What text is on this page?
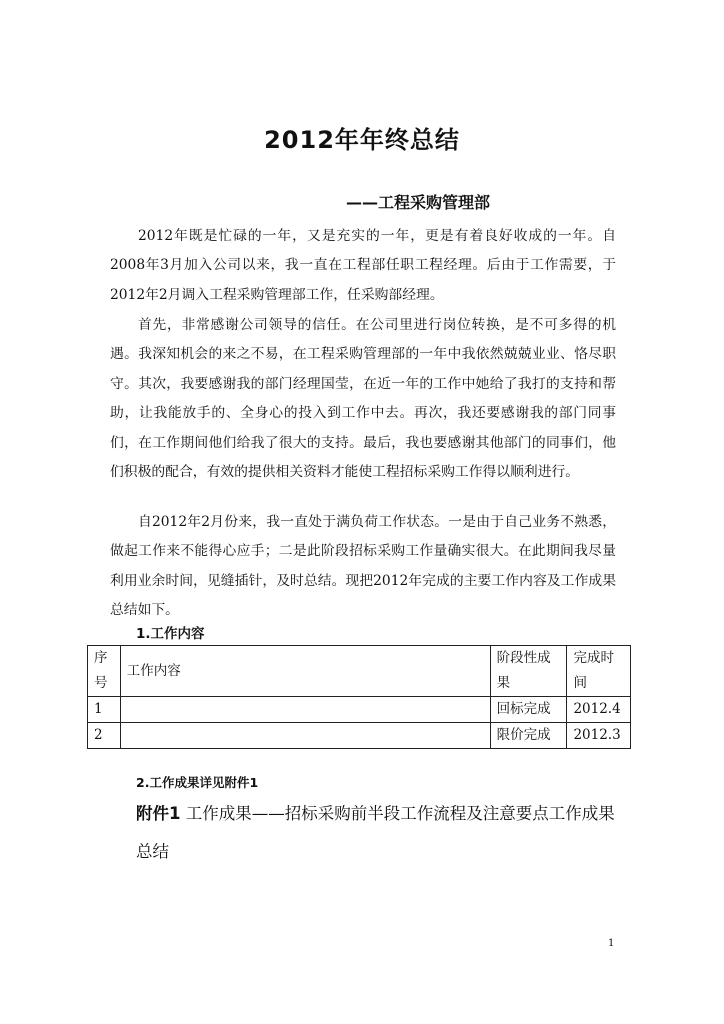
2012年年终总结
——工程采购管理部
2012年既是忙碌的一年，又是充实的一年，更是有着良好收成的一年。自2008年3月加入公司以来，我一直在工程部任职工程经理。后由于工作需要，于2012年2月调入工程采购管理部工作，任采购部经理。
首先，非常感谢公司领导的信任。在公司里进行岗位转换，是不可多得的机遇。我深知机会的来之不易，在工程采购管理部的一年中我依然兢兢业业、恪尽职守。其次，我要感谢我的部门经理国莹，在近一年的工作中她给了我打的支持和帮助，让我能放手的、全身心的投入到工作中去。再次，我还要感谢我的部门同事们，在工作期间他们给我了很大的支持。最后，我也要感谢其他部门的同事们，他们积极的配合，有效的提供相关资料才能使工程招标采购工作得以顺利进行。
自2012年2月份来，我一直处于满负荷工作状态。一是由于自己业务不熟悉，做起工作来不能得心应手；二是此阶段招标采购工作量确实很大。在此期间我尽量利用业余时间，见缝插针，及时总结。现把2012年完成的主要工作内容及工作成果总结如下。
1.工作内容
序号	工作内容	阶段性成果	完成时间
1		回标完成	2012.4
2		限价完成	2012.3
2.工作成果详见附件1
附件1 工作成果——招标采购前半段工作流程及注意要点工作成果总结
1
